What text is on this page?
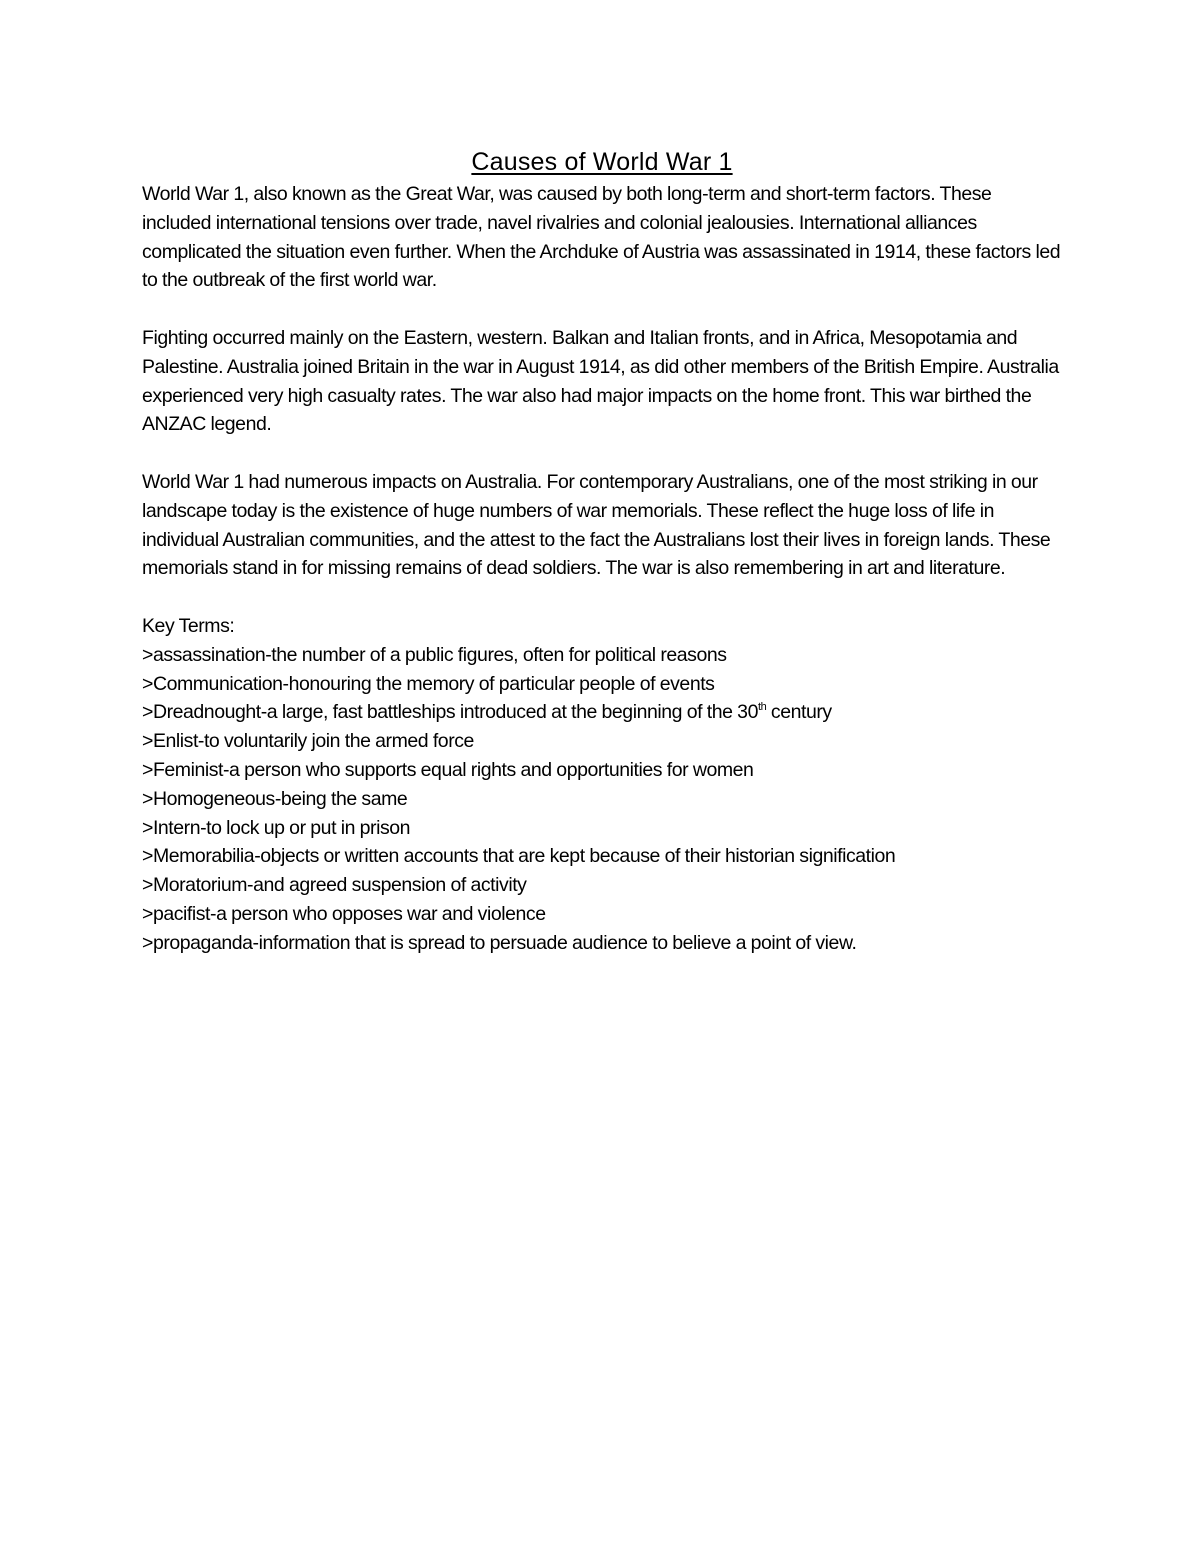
Causes of World War 1

World War 1, also known as the Great War, was caused by both long-term and short-term factors. These included international tensions over trade, navel rivalries and colonial jealousies. International alliances complicated the situation even further. When the Archduke of Austria was assassinated in 1914, these factors led to the outbreak of the first world war.

Fighting occurred mainly on the Eastern, western. Balkan and Italian fronts, and in Africa, Mesopotamia and Palestine. Australia joined Britain in the war in August 1914, as did other members of the British Empire. Australia experienced very high casualty rates. The war also had major impacts on the home front. This war birthed the ANZAC legend.

World War 1 had numerous impacts on Australia. For contemporary Australians, one of the most striking in our landscape today is the existence of huge numbers of war memorials. These reflect the huge loss of life in individual Australian communities, and the attest to the fact the Australians lost their lives in foreign lands. These memorials stand in for missing remains of dead soldiers. The war is also remembering in art and literature.

Key Terms:

>assassination-the number of a public figures, often for political reasons
>Communication-honouring the memory of particular people of events
>Dreadnought-a large, fast battleships introduced at the beginning of the 30th century
>Enlist-to voluntarily join the armed force
>Feminist-a person who supports equal rights and opportunities for women
>Homogeneous-being the same
>Intern-to lock up or put in prison
>Memorabilia-objects or written accounts that are kept because of their historian signification
>Moratorium-and agreed suspension of activity
>pacifist-a person who opposes war and violence
>propaganda-information that is spread to persuade audience to believe a point of view.
